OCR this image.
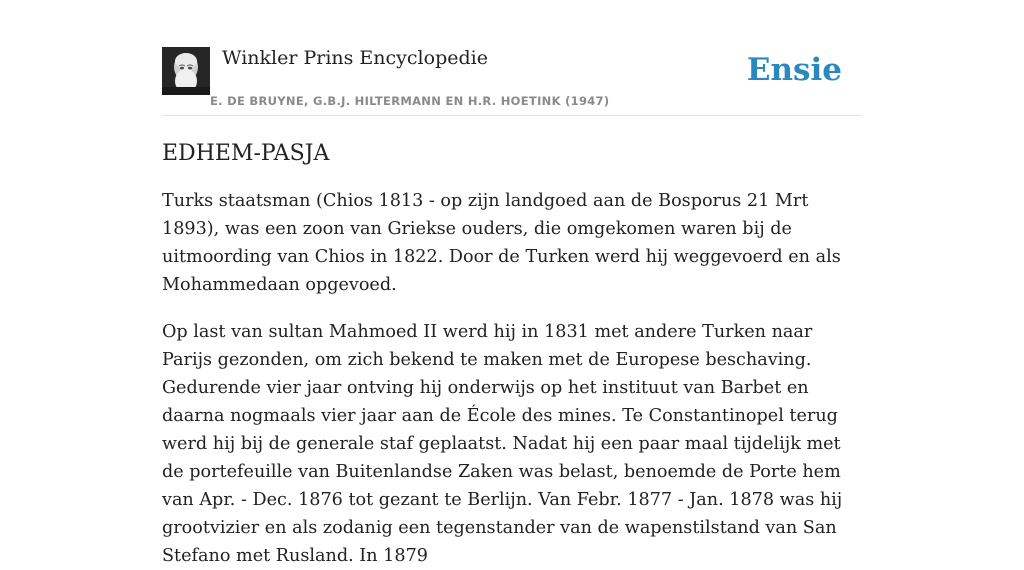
Winkler Prins Encyclopedie
E. DE BRUYNE, G.B.J. HILTERMANN EN H.R. HOETINK (1947)
Ensie
EDHEM-PASJA

Turks staatsman (Chios 1813 - op zijn landgoed aan de Bosporus 21 Mrt 1893), was een zoon van Griekse ouders, die omgekomen waren bij de uitmoording van Chios in 1822. Door de Turken werd hij weggevoerd en als Mohammedaan opgevoed.

Op last van sultan Mahmoed II werd hij in 1831 met andere Turken naar Parijs gezonden, om zich bekend te maken met de Europese beschaving. Gedurende vier jaar ontving hij onderwijs op het instituut van Barbet en daarna nogmaals vier jaar aan de École des mines. Te Constantinopel terug werd hij bij de generale staf geplaatst. Nadat hij een paar maal tijdelijk met de portefeuille van Buitenlandse Zaken was belast, benoemde de Porte hem van Apr. - Dec. 1876 tot gezant te Berlijn. Van Febr. 1877 - Jan. 1878 was hij grootvizier en als zodanig een tegenstander van de wapenstilstand van San Stefano met Rusland. In 1879
